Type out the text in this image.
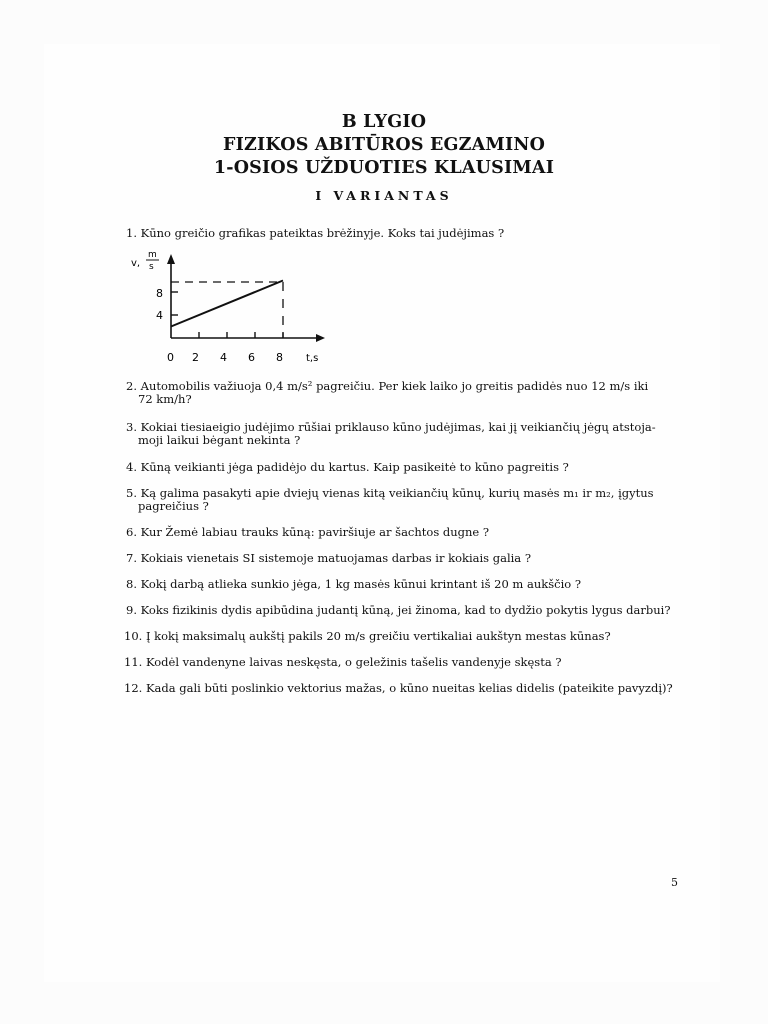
B LYGIO
FIZIKOS ABITŪROS EGZAMINO
1-OSIOS UŽDUOTIES KLAUSIMAI
I VARIANTAS
1. Kūno greičio grafikas pateiktas brėžinyje. Koks tai judėjimas ?
v,
m
s
8
4
0 2 4 6 8 t,s
2. Automobilis važiuoja 0,4 m/s² pagreičiu. Per kiek laiko jo greitis padidės nuo 12 m/s iki
72 km/h?
3. Kokiai tiesiaeigio judėjimo rūšiai priklauso kūno judėjimas, kai jį veikiančių jėgų atstoja-
moji laikui bėgant nekinta ?
4. Kūną veikianti jėga padidėjo du kartus. Kaip pasikeitė to kūno pagreitis ?
5. Ką galima pasakyti apie dviejų vienas kitą veikiančių kūnų, kurių masės m₁ ir m₂, įgytus
pagreičius ?
6. Kur Žemė labiau trauks kūną: paviršiuje ar šachtos dugne ?
7. Kokiais vienetais SI sistemoje matuojamas darbas ir kokiais galia ?
8. Kokį darbą atlieka sunkio jėga, 1 kg masės kūnui krintant iš 20 m aukščio ?
9. Koks fizikinis dydis apibūdina judantį kūną, jei žinoma, kad to dydžio pokytis lygus darbui?
10. Į kokį maksimalų aukštį pakils 20 m/s greičiu vertikaliai aukštyn mestas kūnas?
11. Kodėl vandenyne laivas neskęsta, o geležinis tašelis vandenyje skęsta ?
12. Kada gali būti poslinkio vektorius mažas, o kūno nueitas kelias didelis (pateikite pavyzdį)?
5
